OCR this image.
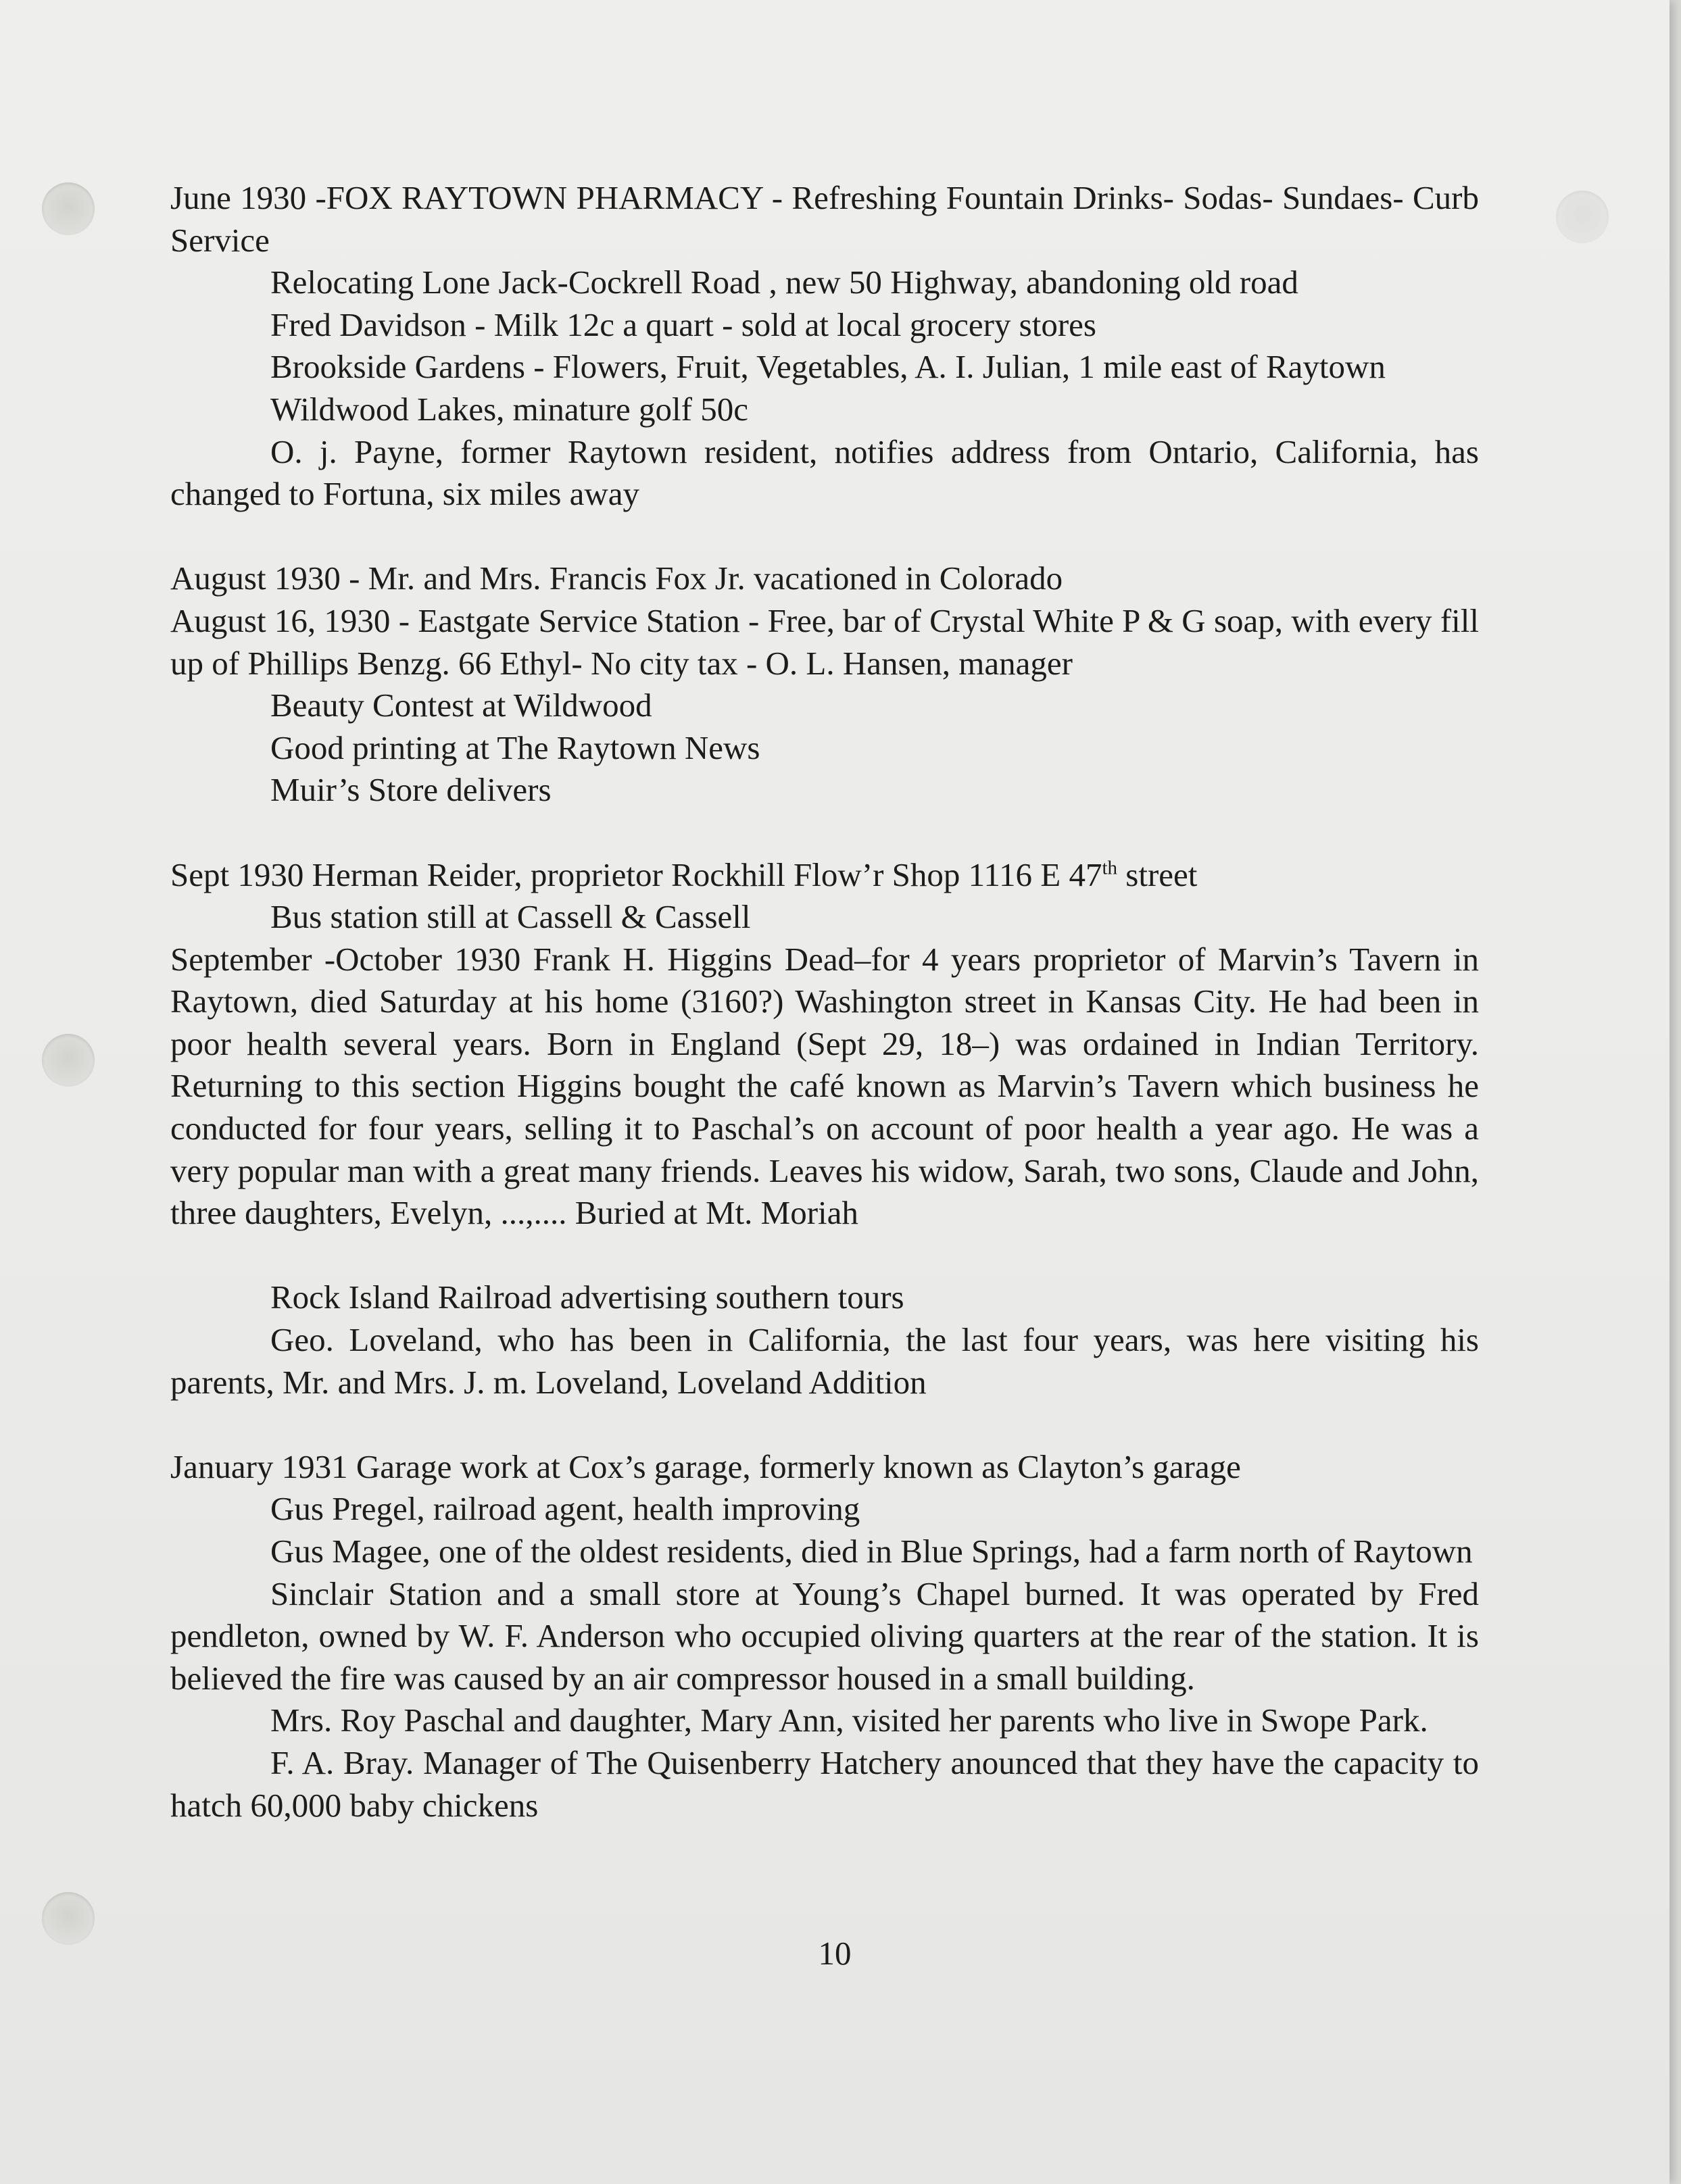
June 1930 -FOX RAYTOWN PHARMACY - Refreshing Fountain Drinks- Sodas- Sundaes- Curb Service

Relocating Lone Jack-Cockrell Road , new 50 Highway, abandoning old road

Fred Davidson - Milk 12c a quart - sold at local grocery stores

Brookside Gardens - Flowers, Fruit, Vegetables, A. I. Julian, 1 mile east of Raytown

Wildwood Lakes, minature golf 50c

O. j. Payne, former Raytown resident, notifies address from Ontario, California, has changed to Fortuna, six miles away

August 1930 - Mr. and Mrs. Francis Fox Jr. vacationed in Colorado

August 16, 1930 - Eastgate Service Station - Free, bar of Crystal White P & G soap, with every fill up of Phillips Benzg. 66 Ethyl- No city tax - O. L. Hansen, manager

Beauty Contest at Wildwood

Good printing at The Raytown News

Muir’s Store delivers

Sept 1930 Herman Reider, proprietor Rockhill Flow’r Shop 1116 E 47th street

Bus station still at Cassell & Cassell

September -October 1930 Frank H. Higgins Dead–for 4 years proprietor of Marvin’s Tavern in Raytown, died Saturday at his home (3160?) Washington street in Kansas City. He had been in poor health several years. Born in England (Sept 29, 18–) was ordained in Indian Territory. Returning to this section Higgins bought the café known as Marvin’s Tavern which business he conducted for four years, selling it to Paschal’s on account of poor health a year ago. He was a very popular man with a great many friends. Leaves his widow, Sarah, two sons, Claude and John, three daughters, Evelyn, ...,.... Buried at Mt. Moriah

Rock Island Railroad advertising southern tours

Geo. Loveland, who has been in California, the last four years, was here visiting his parents, Mr. and Mrs. J. m. Loveland, Loveland Addition

January 1931 Garage work at Cox’s garage, formerly known as Clayton’s garage

Gus Pregel, railroad agent, health improving

Gus Magee, one of the oldest residents, died in Blue Springs, had a farm north of Raytown

Sinclair Station and a small store at Young’s Chapel burned. It was operated by Fred pendleton, owned by W. F. Anderson who occupied oliving quarters at the rear of the station. It is believed the fire was caused by an air compressor housed in a small building.

Mrs. Roy Paschal and daughter, Mary Ann, visited her parents who live in Swope Park.

F. A. Bray. Manager of The Quisenberry Hatchery anounced that they have the capacity to hatch 60,000 baby chickens

10
